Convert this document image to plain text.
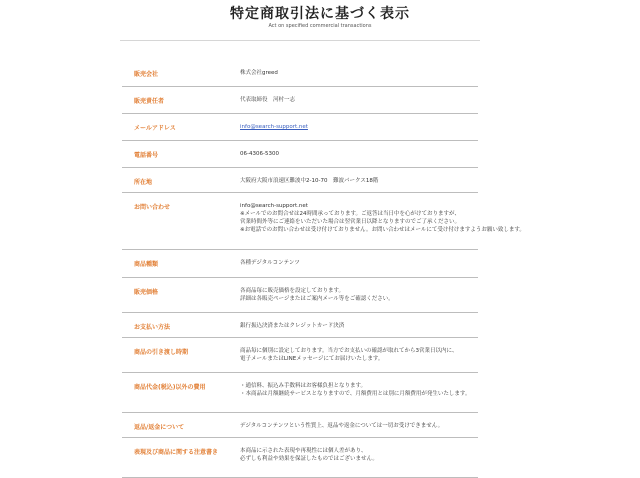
特定商取引法に基づく表示
Act on specified commercial transactions
販売会社	株式会社greed
販売責任者	代表取締役　河村一志
メールアドレス	info@search-support.net
電話番号	06-4306-5300
所在地	大阪府大阪市浪速区難波中2-10-70　難波パークス18階
お問い合わせ	info@search-support.net
※メールでのお問合せは24時間承っております。ご返答は当日中を心がけておりますが、
営業時間外等にご連絡をいただいた場合は翌営業日以降となりますのでご了承ください。
※お電話でのお問い合わせは受け付けておりません。お問い合わせはメールにて受け付けますようお願い致します。
商品種類	各種デジタルコンテンツ
販売価格	各商品毎に販売価格を設定しております。
詳細は各販売ページまたはご案内メール等をご確認ください。
お支払い方法	銀行振込決済またはクレジットカード決済
商品の引き渡し時期	商品毎に個別に設定しております。当方でお支払いの確認が取れてから3営業日以内に、
電子メールまたはLINEメッセージにてお届けいたします。
商品代金(税込)以外の費用	・通信料、振込み手数料はお客様負担となります。
・本商品は月額継続サービスとなりますので、月額費用とは別に月額費用が発生いたします。
返品/返金について	デジタルコンテンツという性質上、返品や返金については一切お受けできません。
表現及び商品に関する注意書き	本商品に示された表現や再現性には個人差があり、
必ずしも利益や効果を保証したものではございません。
